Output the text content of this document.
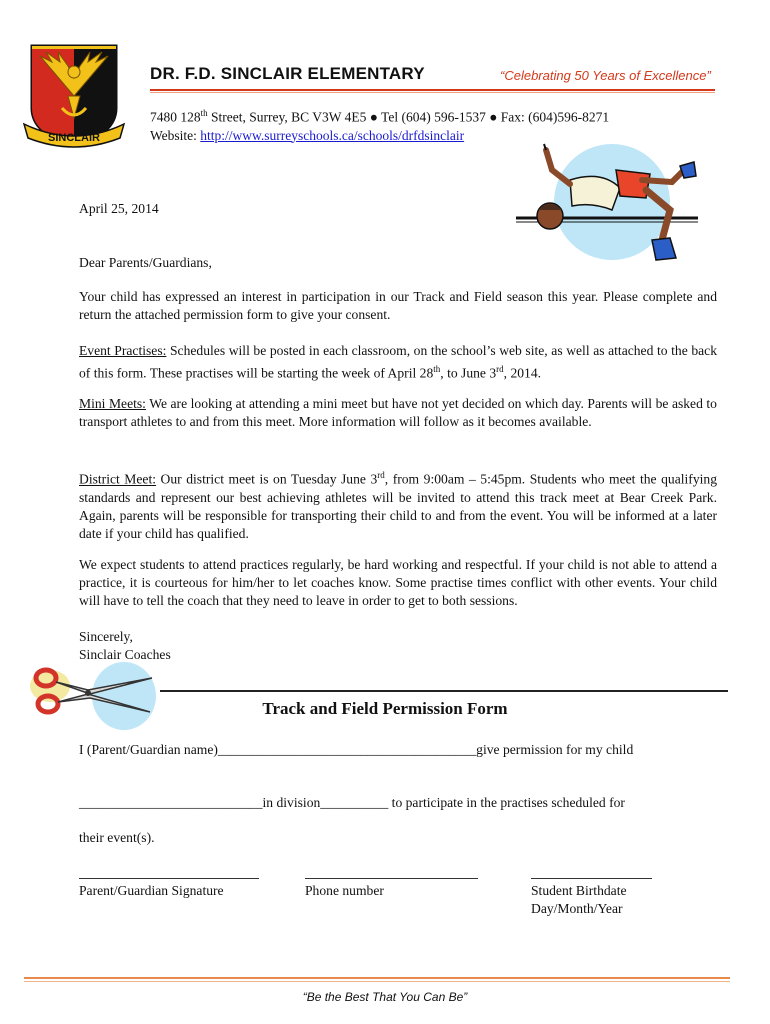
SINCLAIR
DR. F.D. SINCLAIR ELEMENTARY	“Celebrating 50 Years of Excellence”
7480 128th Street, Surrey, BC V3W 4E5 ● Tel (604) 596-1537 ● Fax: (604)596-8271
Website: http://www.surreyschools.ca/schools/drfdsinclair
April 25, 2014
Dear Parents/Guardians,
Your child has expressed an interest in participation in our Track and Field season this year. Please complete and return the attached permission form to give your consent.
Event Practises: Schedules will be posted in each classroom, on the school’s web site, as well as attached to the back of this form. These practises will be starting the week of April 28th, to June 3rd, 2014.
Mini Meets: We are looking at attending a mini meet but have not yet decided on which day. Parents will be asked to transport athletes to and from this meet. More information will follow as it becomes available.
District Meet: Our district meet is on Tuesday June 3rd, from 9:00am – 5:45pm. Students who meet the qualifying standards and represent our best achieving athletes will be invited to attend this track meet at Bear Creek Park. Again, parents will be responsible for transporting their child to and from the event. You will be informed at a later date if your child has qualified.
We expect students to attend practices regularly, be hard working and respectful. If your child is not able to attend a practice, it is courteous for him/her to let coaches know. Some practise times conflict with other events. Your child will have to tell the coach that they need to leave in order to get to both sessions.
Sincerely,
Sinclair Coaches
Track and Field Permission Form
I (Parent/Guardian name)______________________________________give permission for my child
___________________________in division__________ to participate in the practises scheduled for
their event(s).
Parent/Guardian Signature	Phone number	Student Birthdate
Day/Month/Year
“Be the Best That You Can Be”
